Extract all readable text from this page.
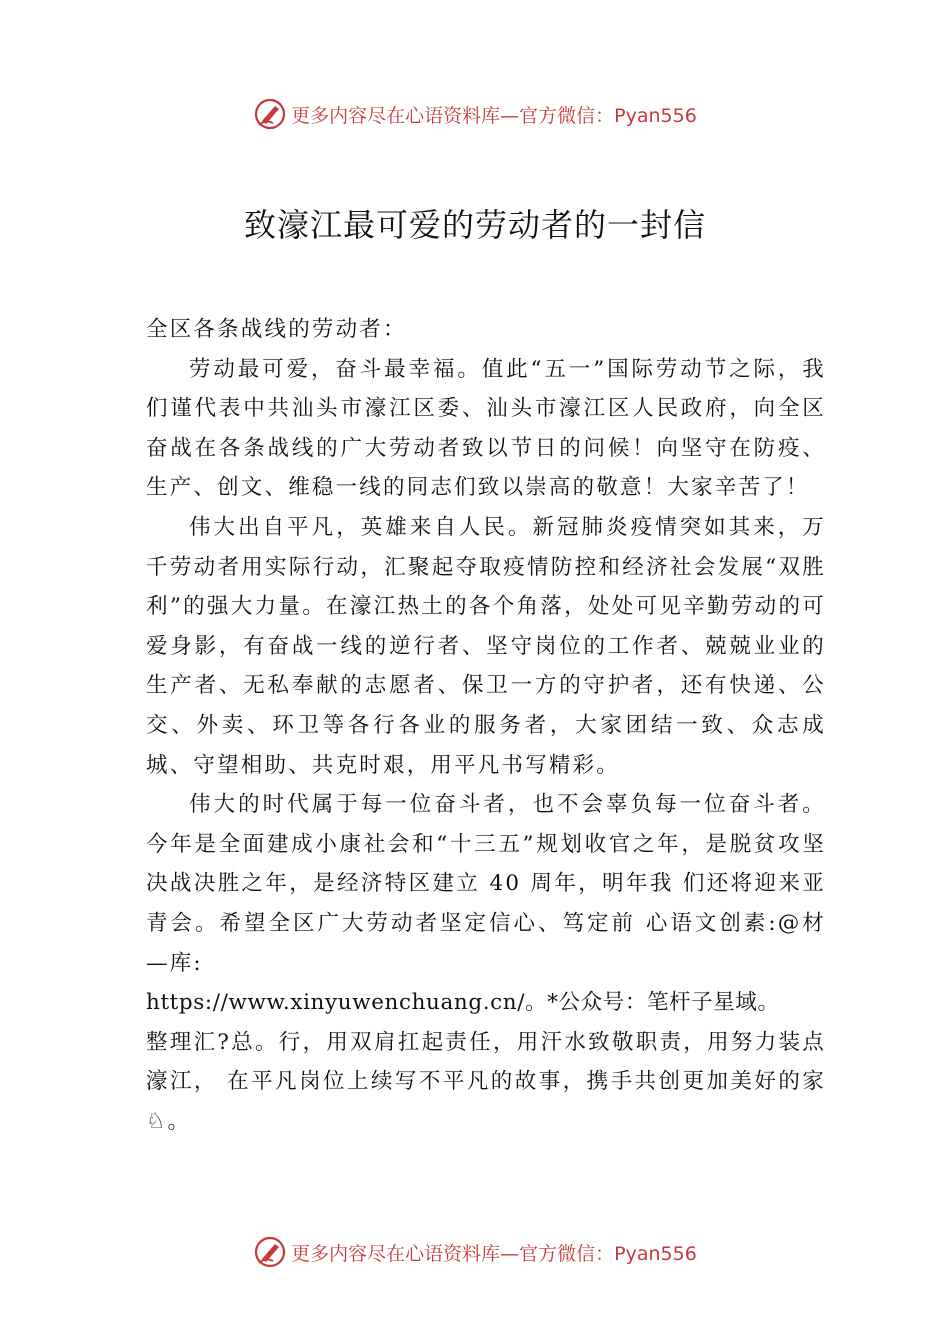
更多内容尽在心语资料库—官方微信：Pyan556
致濠江最可爱的劳动者的一封信

全区各条战线的劳动者：

劳动最可爱，奋斗最幸福。值此“五一”国际劳动节之际，我们谨代表中共汕头市濠江区委、汕头市濠江区人民政府，向全区奋战在各条战线的广大劳动者致以节日的问候！向坚守在防疫、生产、创文、维稳一线的同志们致以崇高的敬意！大家辛苦了！

伟大出自平凡，英雄来自人民。新冠肺炎疫情突如其来，万千劳动者用实际行动，汇聚起夺取疫情防控和经济社会发展“双胜利”的强大力量。在濠江热土的各个角落，处处可见辛勤劳动的可爱身影，有奋战一线的逆行者、坚守岗位的工作者、兢兢业业的生产者、无私奉献的志愿者、保卫一方的守护者，还有快递、公交、外卖、环卫等各行各业的服务者，大家团结一致、众志成城、守望相助、共克时艰，用平凡书写精彩。

伟大的时代属于每一位奋斗者，也不会辜负每一位奋斗者。今年是全面建成小康社会和“十三五”规划收官之年，是脱贫攻坚决战决胜之年，是经济特区建立 40 周年，明年我 们还将迎来亚青会。希望全区广大劳动者坚定信心、笃定前 心语文创素:@材—库:

https://www.xinyuwenchuang.cn/。*公众号：笔杆子星域。

整理汇?总。行，用双肩扛起责任，用汗水致敬职责，用努力装点濠江， 在平凡岗位上续写不平凡的故事，携手共创更加美好的家♘。

更多内容尽在心语资料库—官方微信：Pyan556
